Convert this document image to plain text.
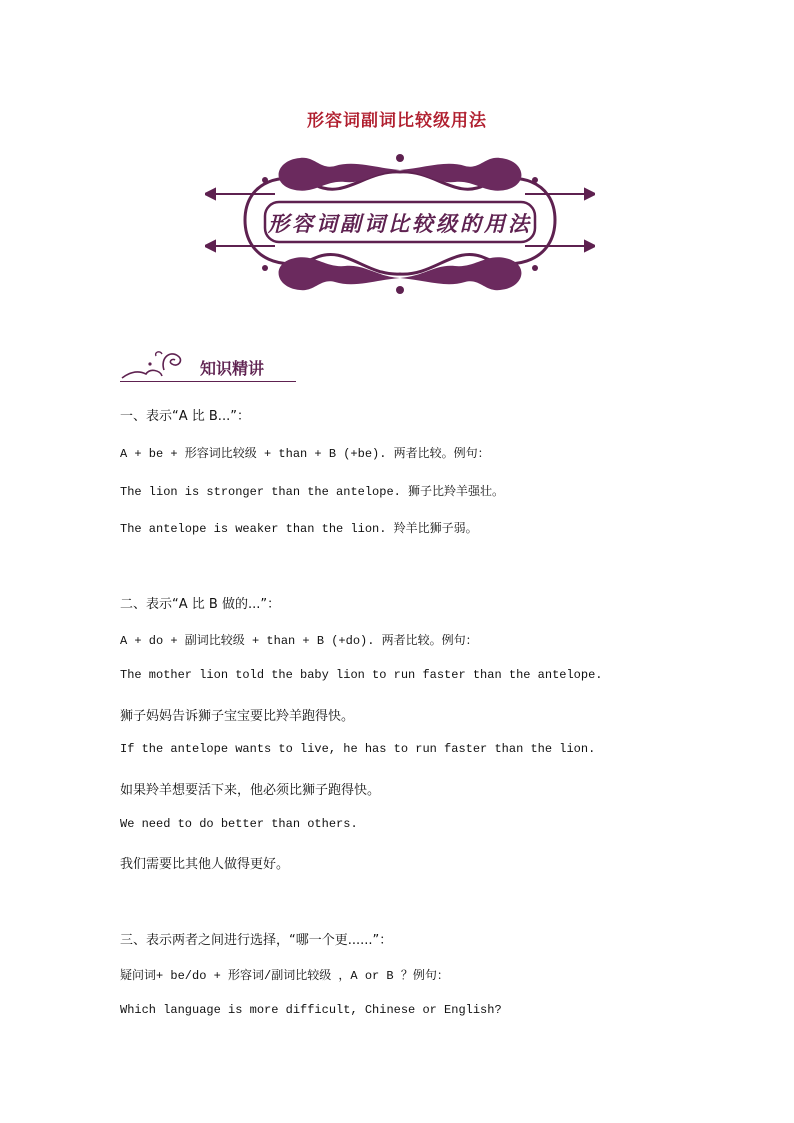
形容词副词比较级用法
形容词副词比较级的用法
知识精讲
一、表示“A 比 B...”：
A + be + 形容词比较级 + than + B (+be). 两者比较。例句：
The lion is stronger than the antelope. 狮子比羚羊强壮。
The antelope is weaker than the lion. 羚羊比狮子弱。
二、表示“A 比 B 做的...”：
A + do + 副词比较级 + than + B (+do). 两者比较。例句：
The mother lion told the baby lion to run faster than the antelope.
狮子妈妈告诉狮子宝宝要比羚羊跑得快。
If the antelope wants to live, he has to run faster than the lion.
如果羚羊想要活下来，他必须比狮子跑得快。
We need to do better than others.
我们需要比其他人做得更好。
三、表示两者之间进行选择，“哪一个更......”：
疑问词+ be/do + 形容词/副词比较级 ，A or B ？例句：
Which language is more difficult, Chinese or English?
